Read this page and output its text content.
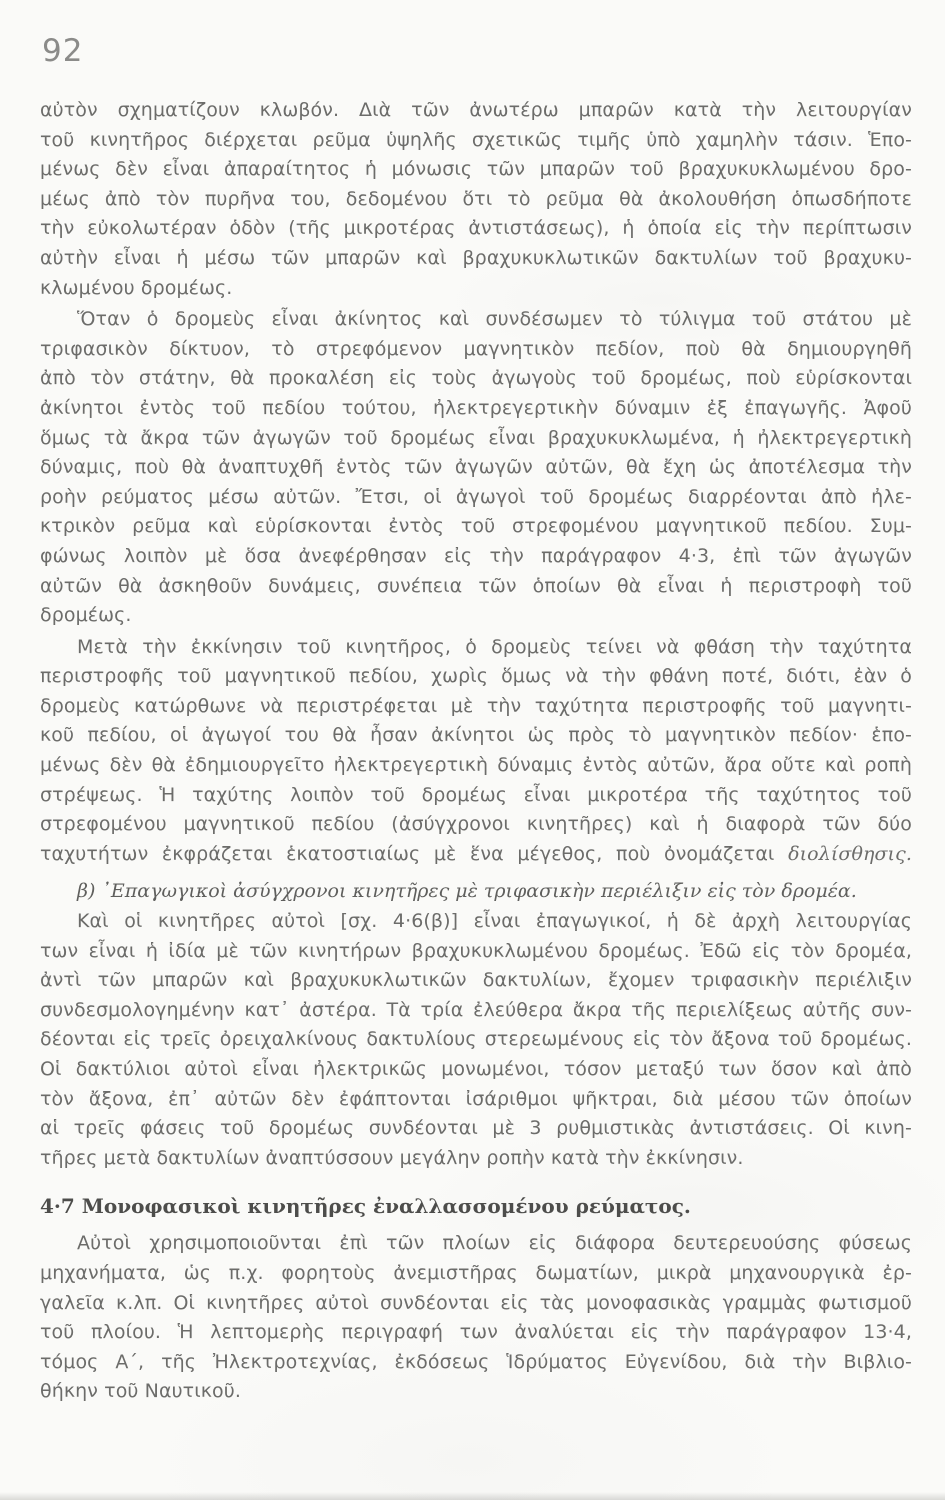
92
αὐτὸν σχηματίζουν κλωβόν. Διὰ τῶν ἀνωτέρω μπαρῶν κατὰ τὴν λειτουργίαν
τοῦ κινητῆρος διέρχεται ρεῦμα ὑψηλῆς σχετικῶς τιμῆς ὑπὸ χαμηλὴν τάσιν. Ἑπο-
μένως δὲν εἶναι ἀπαραίτητος ἡ μόνωσις τῶν μπαρῶν τοῦ βραχυκυκλωμένου δρο-
μέως ἀπὸ τὸν πυρῆνα του, δεδομένου ὅτι τὸ ρεῦμα θὰ ἀκολουθήση ὁπωσδήποτε
τὴν εὐκολωτέραν ὁδὸν (τῆς μικροτέρας ἀντιστάσεως), ἡ ὁποία εἰς τὴν περίπτωσιν
αὐτὴν εἶναι ἡ μέσω τῶν μπαρῶν καὶ βραχυκυκλωτικῶν δακτυλίων τοῦ βραχυκυ-
κλωμένου δρομέως.
Ὅταν ὁ δρομεὺς εἶναι ἀκίνητος καὶ συνδέσωμεν τὸ τύλιγμα τοῦ στάτου μὲ
τριφασικὸν δίκτυον, τὸ στρεφόμενον μαγνητικὸν πεδίον, ποὺ θὰ δημιουργηθῆ
ἀπὸ τὸν στάτην, θὰ προκαλέση εἰς τοὺς ἀγωγοὺς τοῦ δρομέως, ποὺ εὑρίσκονται
ἀκίνητοι ἐντὸς τοῦ πεδίου τούτου, ἠλεκτρεγερτικὴν δύναμιν ἐξ ἐπαγωγῆς. Ἀφοῦ
ὅμως τὰ ἄκρα τῶν ἀγωγῶν τοῦ δρομέως εἶναι βραχυκυκλωμένα, ἡ ἠλεκτρεγερτικὴ
δύναμις, ποὺ θὰ ἀναπτυχθῆ ἐντὸς τῶν ἀγωγῶν αὐτῶν, θὰ ἔχη ὡς ἀποτέλεσμα τὴν
ροὴν ρεύματος μέσω αὐτῶν. Ἔτσι, οἱ ἀγωγοὶ τοῦ δρομέως διαρρέονται ἀπὸ ἠλε-
κτρικὸν ρεῦμα καὶ εὑρίσκονται ἐντὸς τοῦ στρεφομένου μαγνητικοῦ πεδίου. Συμ-
φώνως λοιπὸν μὲ ὅσα ἀνεφέρθησαν εἰς τὴν παράγραφον 4·3, ἐπὶ τῶν ἀγωγῶν
αὐτῶν θὰ ἀσκηθοῦν δυνάμεις, συνέπεια τῶν ὁποίων θὰ εἶναι ἡ περιστροφὴ τοῦ
δρομέως.
Μετὰ τὴν ἐκκίνησιν τοῦ κινητῆρος, ὁ δρομεὺς τείνει νὰ φθάση τὴν ταχύτητα
περιστροφῆς τοῦ μαγνητικοῦ πεδίου, χωρὶς ὅμως νὰ τὴν φθάνη ποτέ, διότι, ἐὰν ὁ
δρομεὺς κατώρθωνε νὰ περιστρέφεται μὲ τὴν ταχύτητα περιστροφῆς τοῦ μαγνητι-
κοῦ πεδίου, οἱ ἀγωγοί του θὰ ἦσαν ἀκίνητοι ὡς πρὸς τὸ μαγνητικὸν πεδίον· ἑπο-
μένως δὲν θὰ ἐδημιουργεῖτο ἠλεκτρεγερτικὴ δύναμις ἐντὸς αὐτῶν, ἄρα οὔτε καὶ ροπὴ
στρέψεως. Ἡ ταχύτης λοιπὸν τοῦ δρομέως εἶναι μικροτέρα τῆς ταχύτητος τοῦ
στρεφομένου μαγνητικοῦ πεδίου (ἀσύγχρονοι κινητῆρες) καὶ ἡ διαφορὰ τῶν δύο
ταχυτήτων ἐκφράζεται ἑκατοστιαίως μὲ ἕνα μέγεθος, ποὺ ὀνομάζεται διολίσθησις.
β) ᾽Επαγωγικοὶ ἀσύγχρονοι κινητῆρες μὲ τριφασικὴν περιέλιξιν εἰς τὸν δρομέα.
Καὶ οἱ κινητῆρες αὐτοὶ [σχ. 4·6(β)] εἶναι ἐπαγωγικοί, ἡ δὲ ἀρχὴ λειτουργίας
των εἶναι ἡ ἰδία μὲ τῶν κινητήρων βραχυκυκλωμένου δρομέως. Ἐδῶ εἰς τὸν δρομέα,
ἀντὶ τῶν μπαρῶν καὶ βραχυκυκλωτικῶν δακτυλίων, ἔχομεν τριφασικὴν περιέλιξιν
συνδεσμολογημένην κατ᾽ ἀστέρα. Τὰ τρία ἐλεύθερα ἄκρα τῆς περιελίξεως αὐτῆς συν-
δέονται εἰς τρεῖς ὀρειχαλκίνους δακτυλίους στερεωμένους εἰς τὸν ἄξονα τοῦ δρομέως.
Οἱ δακτύλιοι αὐτοὶ εἶναι ἠλεκτρικῶς μονωμένοι, τόσον μεταξύ των ὅσον καὶ ἀπὸ
τὸν ἄξονα, ἐπ᾽ αὐτῶν δὲν ἐφάπτονται ἰσάριθμοι ψῆκτραι, διὰ μέσου τῶν ὁποίων
αἱ τρεῖς φάσεις τοῦ δρομέως συνδέονται μὲ 3 ρυθμιστικὰς ἀντιστάσεις. Οἱ κινη-
τῆρες μετὰ δακτυλίων ἀναπτύσσουν μεγάλην ροπὴν κατὰ τὴν ἐκκίνησιν.
4·7 Μονοφασικοὶ κινητῆρες ἐναλλασσομένου ρεύματος.
Αὐτοὶ χρησιμοποιοῦνται ἐπὶ τῶν πλοίων εἰς διάφορα δευτερευούσης φύσεως
μηχανήματα, ὡς π.χ. φορητοὺς ἀνεμιστῆρας δωματίων, μικρὰ μηχανουργικὰ ἐρ-
γαλεῖα κ.λπ. Οἱ κινητῆρες αὐτοὶ συνδέονται εἰς τὰς μονοφασικὰς γραμμὰς φωτισμοῦ
τοῦ πλοίου. Ἡ λεπτομερὴς περιγραφή των ἀναλύεται εἰς τὴν παράγραφον 13·4,
τόμος Α΄, τῆς Ἠλεκτροτεχνίας, ἐκδόσεως Ἱδρύματος Εὐγενίδου, διὰ τὴν Βιβλιο-
θήκην τοῦ Ναυτικοῦ.
